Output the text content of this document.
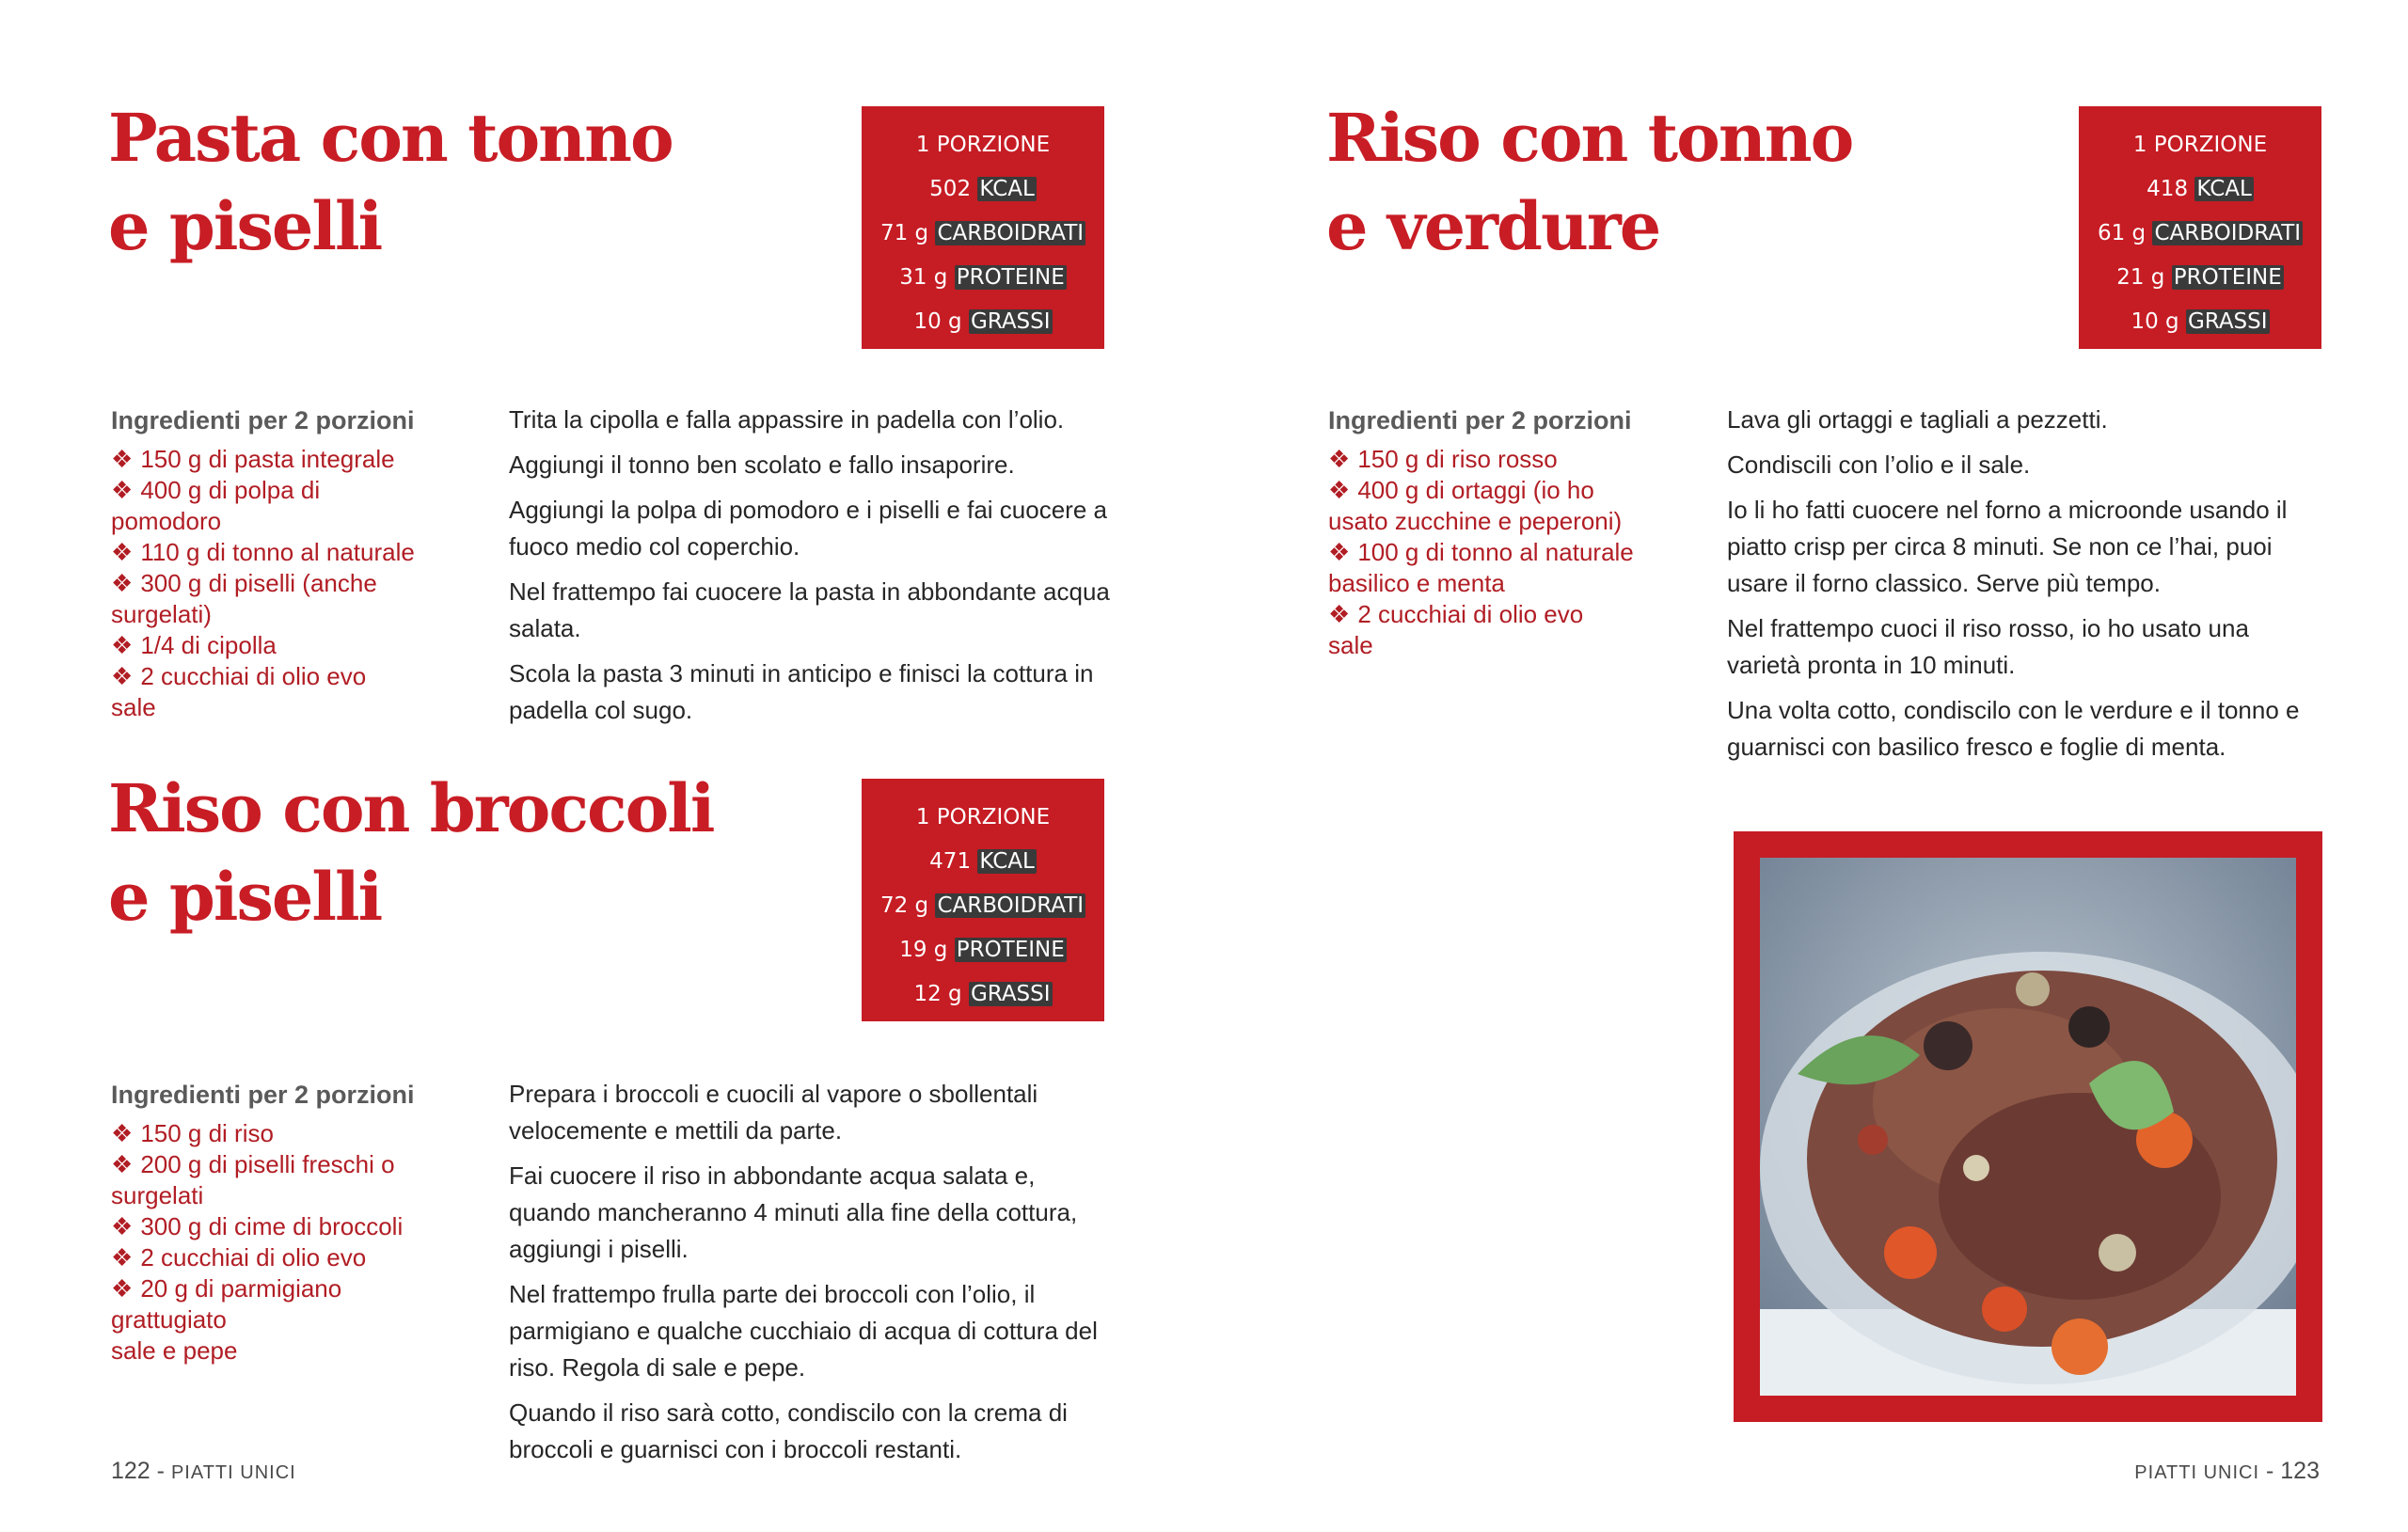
Pasta con tonno
e piselli
1 PORZIONE
502 KCAL
71 g CARBOIDRATI
31 g PROTEINE
10 g GRASSI
Ingredienti per 2 porzioni
❖ 150 g di pasta integrale
❖ 400 g di polpa di
pomodoro
❖ 110 g di tonno al naturale
❖ 300 g di piselli (anche
surgelati)
❖ 1/4 di cipolla
❖ 2 cucchiai di olio evo
sale

Trita la cipolla e falla appassire in padella con l’olio.

Aggiungi il tonno ben scolato e fallo insaporire.

Aggiungi la polpa di pomodoro e i piselli e fai cuocere a fuoco medio col coperchio.

Nel frattempo fai cuocere la pasta in abbondante acqua salata.

Scola la pasta 3 minuti in anticipo e finisci la cottura in padella col sugo.

Riso con broccoli
e piselli
1 PORZIONE
471 KCAL
72 g CARBOIDRATI
19 g PROTEINE
12 g GRASSI
Ingredienti per 2 porzioni
❖ 150 g di riso
❖ 200 g di piselli freschi o
surgelati
❖ 300 g di cime di broccoli
❖ 2 cucchiai di olio evo
❖ 20 g di parmigiano
grattugiato
sale e pepe

Prepara i broccoli e cuocili al vapore o sbollentali velocemente e mettili da parte.

Fai cuocere il riso in abbondante acqua salata e, quando mancheranno 4 minuti alla fine della cottura, aggiungi i piselli.

Nel frattempo frulla parte dei broccoli con l’olio, il parmigiano e qualche cucchiaio di acqua di cottura del riso. Regola di sale e pepe.

Quando il riso sarà cotto, condiscilo con la crema di broccoli e guarnisci con i broccoli restanti.

Riso con tonno
e verdure
1 PORZIONE
418 KCAL
61 g CARBOIDRATI
21 g PROTEINE
10 g GRASSI
Ingredienti per 2 porzioni
❖ 150 g di riso rosso
❖ 400 g di ortaggi (io ho
usato zucchine e peperoni)
❖ 100 g di tonno al naturale
basilico e menta
❖ 2 cucchiai di olio evo
sale

Lava gli ortaggi e tagliali a pezzetti.

Condiscili con l’olio e il sale.

Io li ho fatti cuocere nel forno a microonde usando il piatto crisp per circa 8 minuti. Se non ce l’hai, puoi usare il forno classico. Serve più tempo.

Nel frattempo cuoci il riso rosso, io ho usato una varietà pronta in 10 minuti.

Una volta cotto, condiscilo con le verdure e il tonno e guarnisci con basilico fresco e foglie di menta.

122 - PIATTI UNICI	PIATTI UNICI - 123
